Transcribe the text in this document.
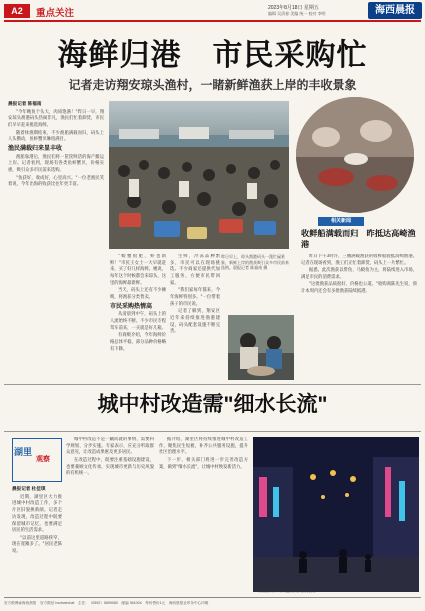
A2	重点关注	2023年8月18日 星期五
编辑 吴清春 美编 统一 校对 李明	海西晨报
海鲜归港　市民采购忙
记者走访翔安琼头渔村，一睹新鲜渔获上岸的丰收景象
晨报记者 陈福南

"今年鲍鱼个头大，肉质饱满！"昨日一早，翔安琼头渔港码头热闹非凡，渔民们忙着卸货，市民们早早赶来挑选海鲜。

随着休渔期结束，不少渔船满载而归，码头上人头攒动，鱼虾蟹贝琳琅满目。

渔民满载归来显丰收

渔船靠港后，渔民们将一筐筐鲜活的海产搬运上岸。记者看到，现场有各类鱼虾蟹贝，价格实惠，吸引众多市民前来选购。

"鱼获好，收成好，心里高兴。"一位老渔民笑着说，今年出海的收获比往年更丰富。

昨日早上，琼头渔港码头一派忙碌景象，新鲜上岸的渔获吸引众多市民前来选购。晨报记者 陈福南 摄

"螃蟹很肥，虾也新鲜！"市民王女士一大早就赶来，买了好几样海鲜。她说，每年这个时候都会来琼头，这里的海鲜最新鲜。

当天，码头上还有不少摊贩，将渔获分类售卖。

市民采购热情高

从清晨到中午，码头上的人流始终不断。不少市民专程驾车前来，一买就是好几箱。

有商贩介绍，今年海鲜价格总体平稳，部分品种价格略有下降。

生鲜、冷冻品种繁多，市民可以在现场挑选。不少商家还提供代加工服务，方便市民带回家。

"我们家每年都来，今年海鲜特别多。"一位带着孩子的市民说。

记者了解到，翔安区近年来持续推进渔港建设，码头配套设施不断完善。

相关新闻
收鲜船满载而归　昨抵达高崎渔港

昨日下午3时许，三艘满载渔获的收鲜船驶抵高崎渔港。记者在现场看到，渔工们正忙着卸货，码头上一片繁忙。

据悉，此次渔获以带鱼、马鲛鱼为主，将陆续进入市场，满足市民的消费需求。

"这批渔获品质很好，价格也公道。"收购商陈先生说，预计本周内还会有多批渔获陆续抵港。

城中村改造需"细水长流"
湖里
观察
晨报记者 杜佳琪

近期，湖里区大力推进城中村改造工作，多个片区旧貌换新颜。记者走访发现，改造过程中既要保留城市记忆，也要满足居民的生活需求。

"以前这里道路狭窄，现在宽敞多了。"居民老陈说。

城中村改造不是一蹴而就的事情，需要科学规划、分步实施。专家表示，应充分听取群众意见，让改造成果惠及更多居民。

在改造过程中，既要注重基础设施建设，也要兼顾文化传承，实现城市更新与历史风貌的有机统一。

据介绍，湖里区将持续推进城中村改造工作，聚焦民生短板，补齐公共服务设施，提升社区治理水平。

下一步，相关部门将进一步完善改造方案，做到"细水长流"，让城中村焕发新活力。

湖里区城中村改造后的街区夜景。
官方微博@海西晨报　官方微信 hxcbwechat　主任：（0592）5899080　邮编 361004　每份售价1元　海西晨报社印务中心印刷
